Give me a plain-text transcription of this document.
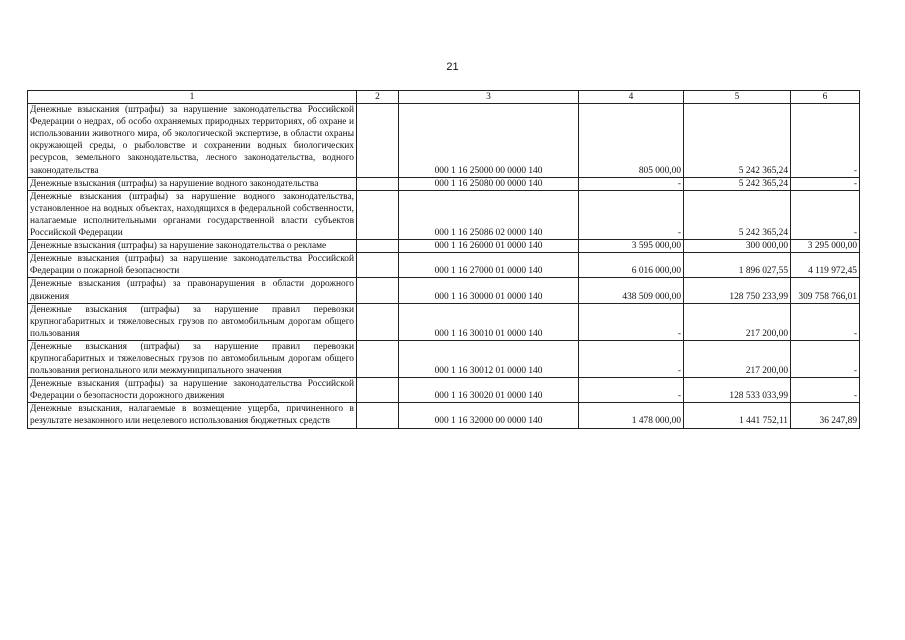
21
1	2	3	4	5	6
Денежные взыскания (штрафы) за нарушение законодательства Российской Федерации о недрах, об особо охраняемых природных территориях, об охране и использовании животного мира, об экологической экспертизе, в области охраны окружающей среды, о рыболовстве и сохранении водных биологических ресурсов, земельного законодательства, лесного законодательства, водного законодательства		000 1 16 25000 00 0000 140	805 000,00	5 242 365,24	-
Денежные взыскания (штрафы) за нарушение водного законодательства		000 1 16 25080 00 0000 140	-	5 242 365,24	-
Денежные взыскания (штрафы) за нарушение водного законодательства, установленное на водных объектах, находящихся в федеральной собственности, налагаемые исполнительными органами государственной власти субъектов Российской Федерации		000 1 16 25086 02 0000 140	-	5 242 365,24	-
Денежные взыскания (штрафы) за нарушение законодательства о рекламе		000 1 16 26000 01 0000 140	3 595 000,00	300 000,00	3 295 000,00
Денежные взыскания (штрафы) за нарушение законодательства Российской Федерации о пожарной безопасности		000 1 16 27000 01 0000 140	6 016 000,00	1 896 027,55	4 119 972,45
Денежные взыскания (штрафы) за правонарушения в области дорожного движения		000 1 16 30000 01 0000 140	438 509 000,00	128 750 233,99	309 758 766,01
Денежные взыскания (штрафы) за нарушение правил перевозки крупногабаритных и тяжеловесных грузов по автомобильным дорогам общего пользования		000 1 16 30010 01 0000 140	-	217 200,00	-
Денежные взыскания (штрафы) за нарушение правил перевозки крупногабаритных и тяжеловесных грузов по автомобильным дорогам общего пользования регионального или межмуниципального значения		000 1 16 30012 01 0000 140	-	217 200,00	-
Денежные взыскания (штрафы) за нарушение законодательства Российской Федерации о безопасности дорожного движения		000 1 16 30020 01 0000 140	-	128 533 033,99	-
Денежные взыскания, налагаемые в возмещение ущерба, причиненного в результате незаконного или нецелевого использования бюджетных средств		000 1 16 32000 00 0000 140	1 478 000,00	1 441 752,11	36 247,89
